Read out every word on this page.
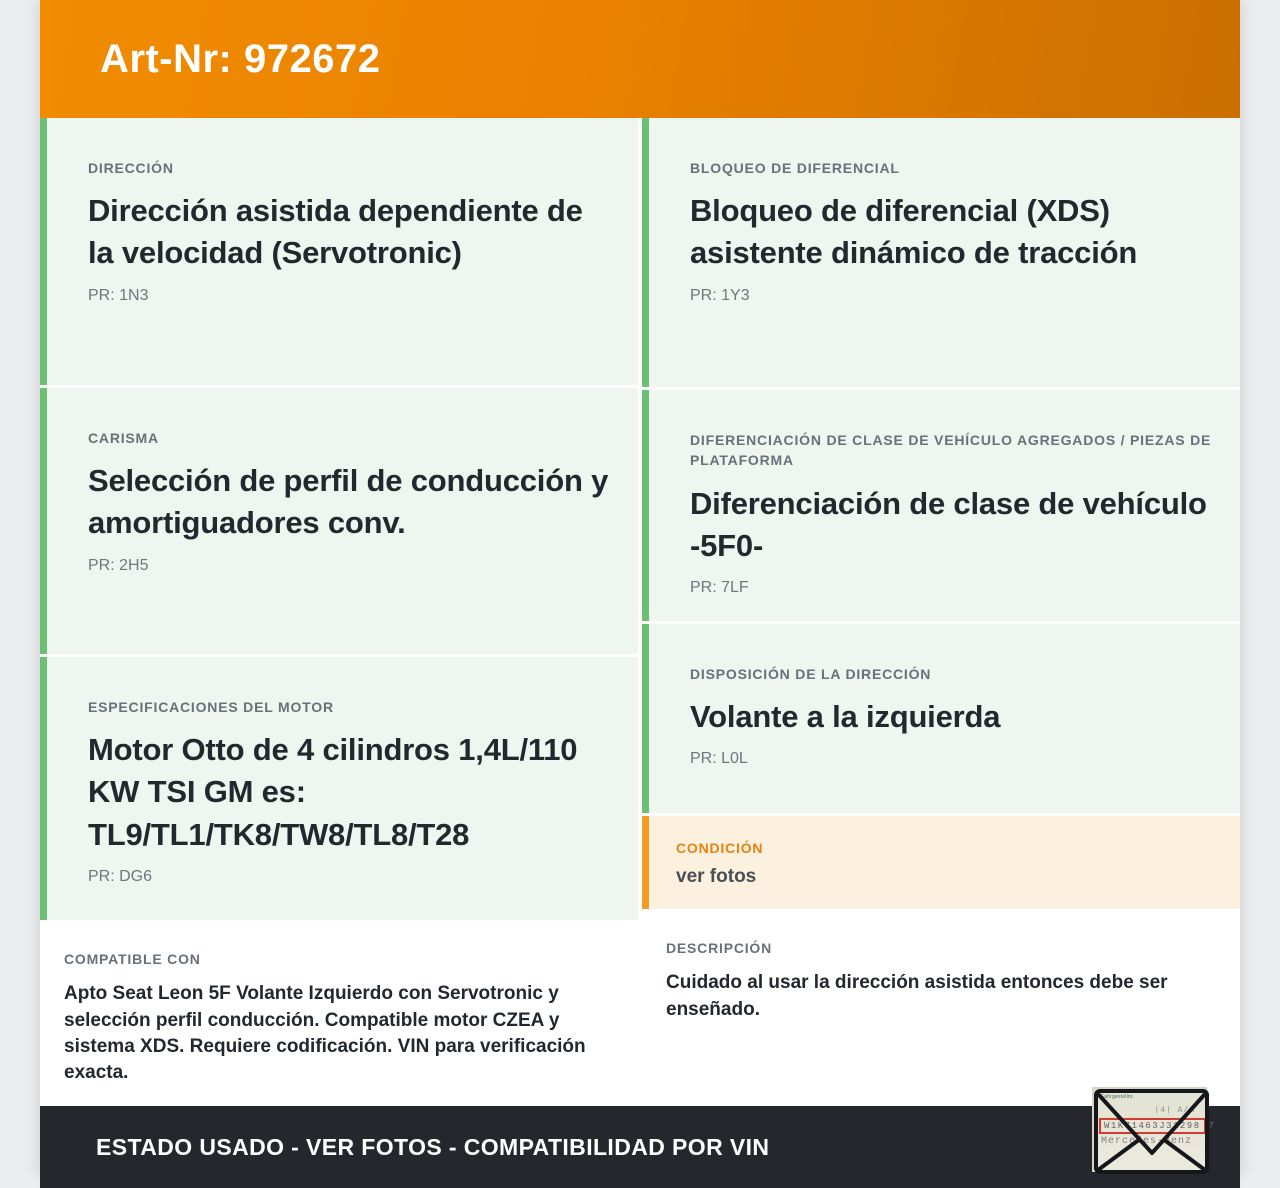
Art-Nr: 972672
DIRECCIÓN
Dirección asistida dependiente de la velocidad (Servotronic)
PR: 1N3
CARISMA
Selección de perfil de conducción y amortiguadores conv.
PR: 2H5
ESPECIFICACIONES DEL MOTOR
Motor Otto de 4 cilindros 1,4L/110 KW TSI GM es: TL9/TL1/TK8/TW8/TL8/T28
PR: DG6
COMPATIBLE CON
Apto Seat Leon 5F Volante Izquierdo con Servotronic y selección perfil conducción. Compatible motor CZEA y sistema XDS. Requiere codificación. VIN para verificación exacta.
BLOQUEO DE DIFERENCIAL
Bloqueo de diferencial (XDS) asistente dinámico de tracción
PR: 1Y3
DIFERENCIACIÓN DE CLASE DE VEHÍCULO AGREGADOS / PIEZAS DE PLATAFORMA
Diferenciación de clase de vehículo -5F0-
PR: 7LF
DISPOSICIÓN DE LA DIRECCIÓN
Volante a la izquierda
PR: L0L
CONDICIÓN
ver fotos
DESCRIPCIÓN
Cuidado al usar la dirección asistida entonces debe ser enseñado.
ESTADO USADO - VER FOTOS - COMPATIBILIDAD POR VIN
Fahrgestellnr.
|4| A/A
W1K71463J31298 7
Mercedes-Benz
